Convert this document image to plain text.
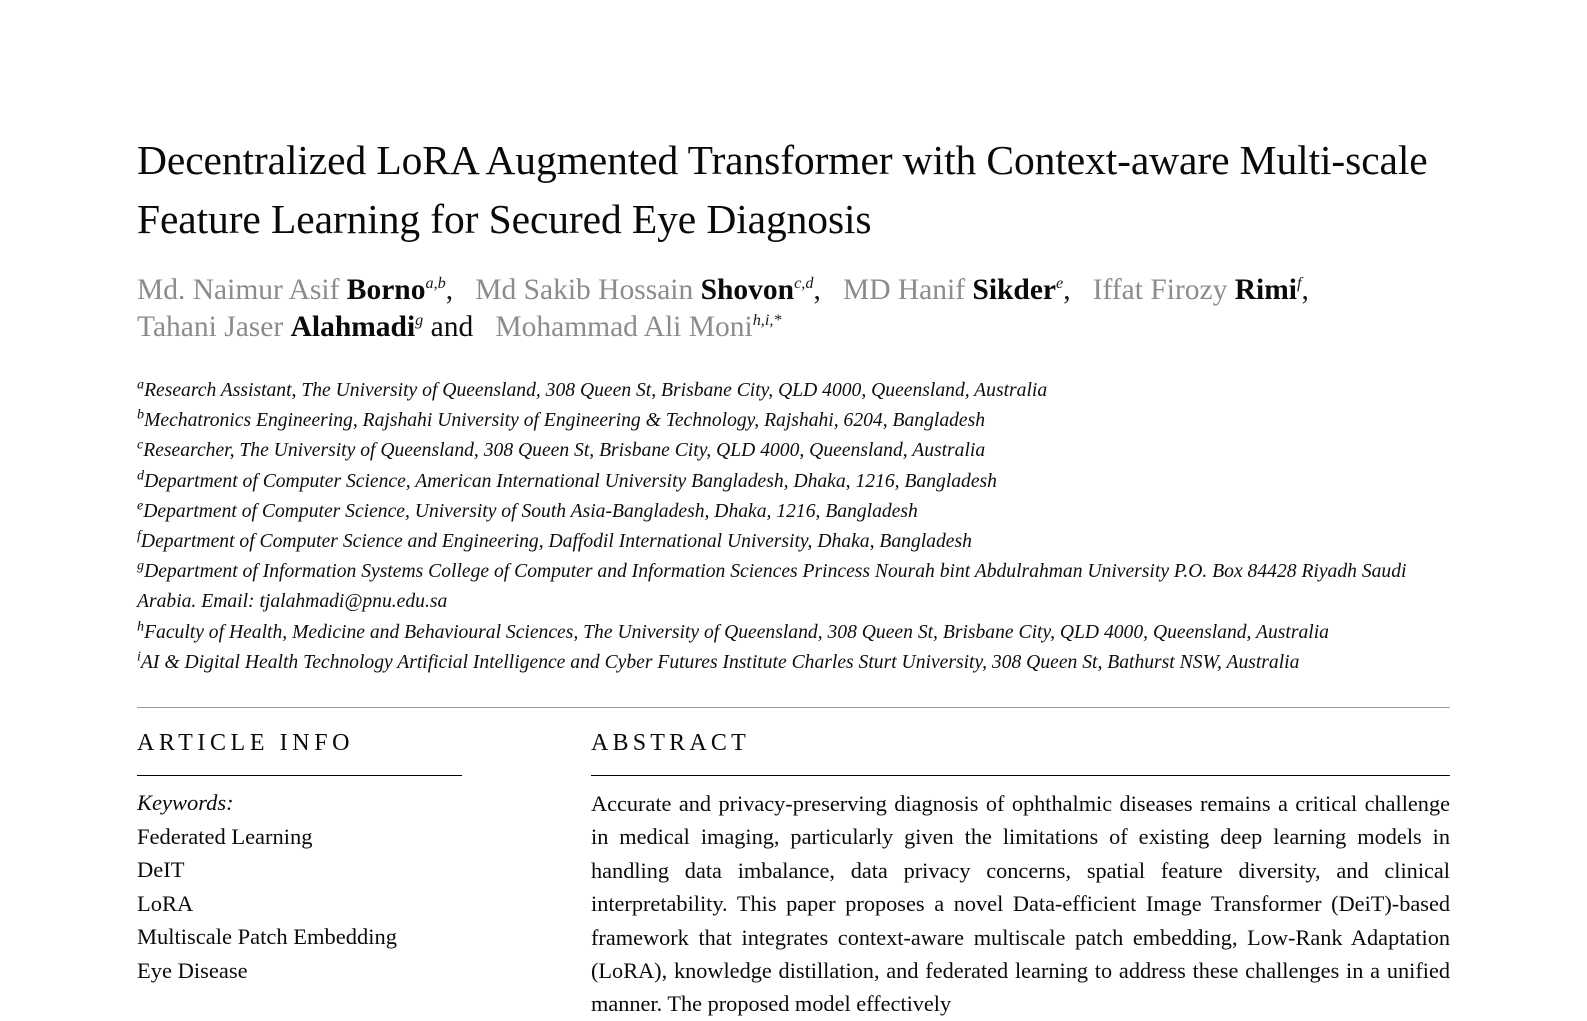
Decentralized LoRA Augmented Transformer with Context-aware Multi-scale Feature Learning for Secured Eye Diagnosis
Md. Naimur Asif Borno$^{a,b}$,  Md Sakib Hossain Shovon$^{c,d}$,  MD Hanif Sikder$^e$,  Iffat Firozy Rimi$^f$,
Tahani Jaser Alahmadi$^g$ and  Mohammad Ali Moni$^{h,i,*}$

$^a$Research Assistant, The University of Queensland, 308 Queen St, Brisbane City, QLD 4000, Queensland, Australia

$^b$Mechatronics Engineering, Rajshahi University of Engineering & Technology, Rajshahi, 6204, Bangladesh

$^c$Researcher, The University of Queensland, 308 Queen St, Brisbane City, QLD 4000, Queensland, Australia

$^d$Department of Computer Science, American International University Bangladesh, Dhaka, 1216, Bangladesh

$^e$Department of Computer Science, University of South Asia-Bangladesh, Dhaka, 1216, Bangladesh

$^f$Department of Computer Science and Engineering, Daffodil International University, Dhaka, Bangladesh

$^g$Department of Information Systems College of Computer and Information Sciences Princess Nourah bint Abdulrahman University P.O. Box 84428 Riyadh Saudi Arabia. Email: tjalahmadi@pnu.edu.sa

$^h$Faculty of Health, Medicine and Behavioural Sciences, The University of Queensland, 308 Queen St, Brisbane City, QLD 4000, Queensland, Australia

$^i$AI & Digital Health Technology Artificial Intelligence and Cyber Futures Institute Charles Sturt University, 308 Queen St, Bathurst NSW, Australia

ARTICLE INFO
Keywords:
Federated Learning
DeIT
LoRA
Multiscale Patch Embedding
Eye Disease
ABSTRACT

Accurate and privacy-preserving diagnosis of ophthalmic diseases remains a critical challenge in medical imaging, particularly given the limitations of existing deep learning models in handling data imbalance, data privacy concerns, spatial feature diversity, and clinical interpretability. This paper proposes a novel Data-efficient Image Transformer (DeiT)-based framework that integrates context-aware multiscale patch embedding, Low-Rank Adaptation (LoRA), knowledge distillation, and federated learning to address these challenges in a unified manner. The proposed model effectively
